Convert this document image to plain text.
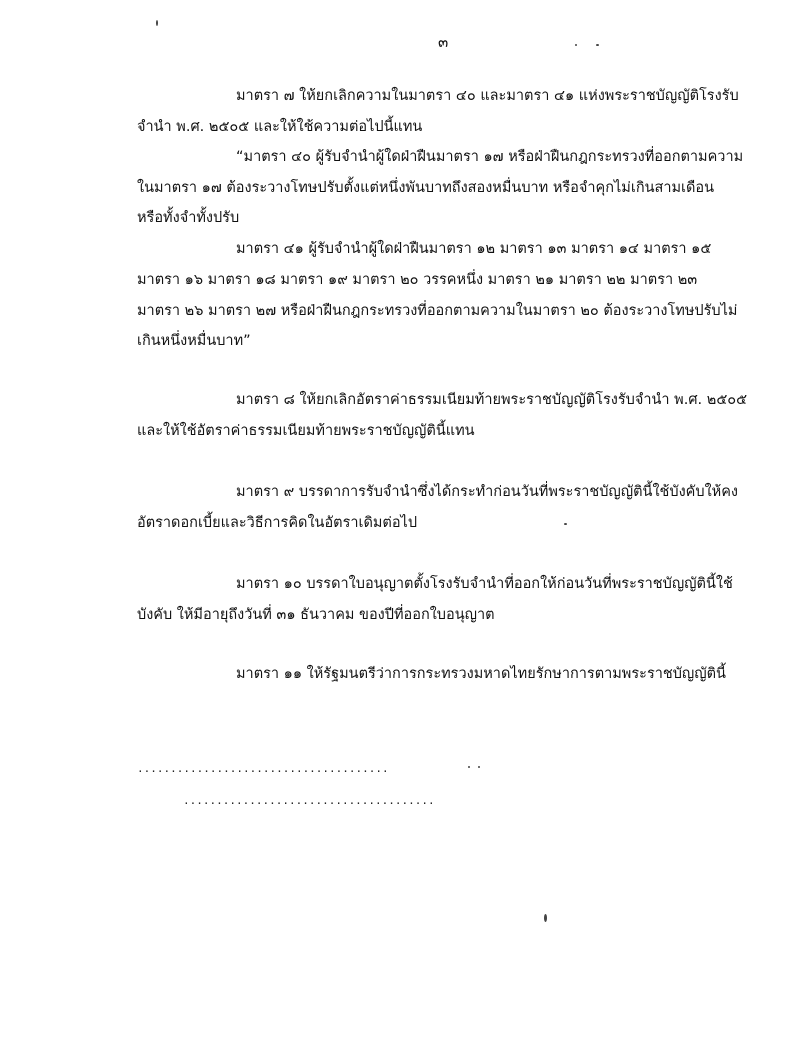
๓
มาตรา ๗ ให้ยกเลิกความในมาตรา ๔๐ และมาตรา ๔๑ แห่งพระราชบัญญัติโรงรับ
จำนำ พ.ศ. ๒๕๐๕ และให้ใช้ความต่อไปนี้แทน
“มาตรา ๔๐ ผู้รับจำนำผู้ใดฝ่าฝืนมาตรา ๑๗ หรือฝ่าฝืนกฎกระทรวงที่ออกตามความ
ในมาตรา ๑๗ ต้องระวางโทษปรับตั้งแต่หนึ่งพันบาทถึงสองหมื่นบาท หรือจำคุกไม่เกินสามเดือน
หรือทั้งจำทั้งปรับ
มาตรา ๔๑ ผู้รับจำนำผู้ใดฝ่าฝืนมาตรา ๑๒ มาตรา ๑๓ มาตรา ๑๔ มาตรา ๑๕
มาตรา ๑๖ มาตรา ๑๘ มาตรา ๑๙ มาตรา ๒๐ วรรคหนึ่ง มาตรา ๒๑ มาตรา ๒๒ มาตรา ๒๓
มาตรา ๒๖ มาตรา ๒๗ หรือฝ่าฝืนกฎกระทรวงที่ออกตามความในมาตรา ๒๐ ต้องระวางโทษปรับไม่
เกินหนึ่งหมื่นบาท”
มาตรา ๘ ให้ยกเลิกอัตราค่าธรรมเนียมท้ายพระราชบัญญัติโรงรับจำนำ พ.ศ. ๒๕๐๕
และให้ใช้อัตราค่าธรรมเนียมท้ายพระราชบัญญัตินี้แทน
มาตรา ๙ บรรดาการรับจำนำซึ่งได้กระทำก่อนวันที่พระราชบัญญัตินี้ใช้บังคับให้คง
อัตราดอกเบี้ยและวิธีการคิดในอัตราเดิมต่อไป
มาตรา ๑๐ บรรดาใบอนุญาตตั้งโรงรับจำนำที่ออกให้ก่อนวันที่พระราชบัญญัตินี้ใช้
บังคับ ให้มีอายุถึงวันที่ ๓๑ ธันวาคม ของปีที่ออกใบอนุญาต
มาตรา ๑๑ ให้รัฐมนตรีว่าการกระทรวงมหาดไทยรักษาการตามพระราชบัญญัตินี้
......................................
......................................
